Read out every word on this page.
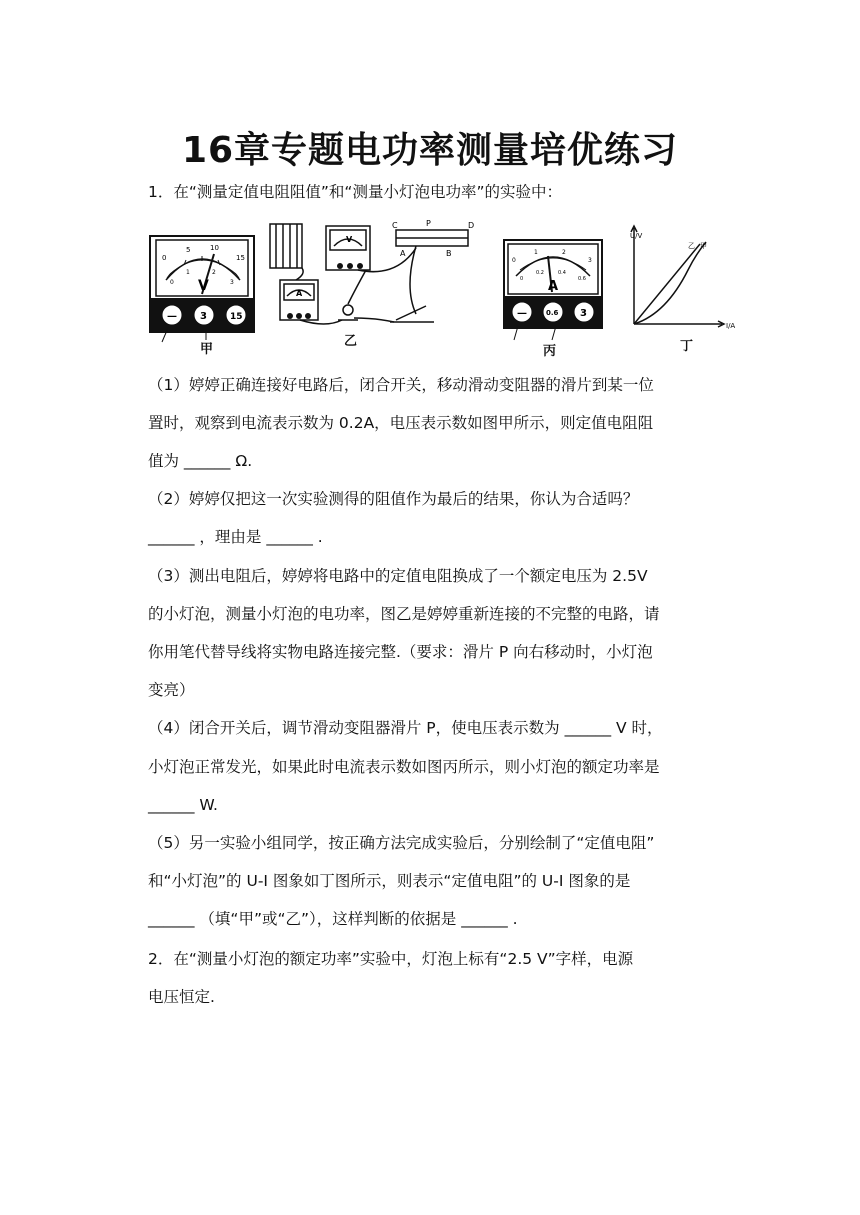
16章专题电功率测量培优练习
1．在“测量定值电阻阻值”和“测量小灯泡电功率”的实验中：
0
5	10
15
0
1	2
3
V
— 3	15
甲
V
A
C	P	D
A	B
乙
0
1	2
3
0
0.2	0.4
0.6
A
—	0.6 3
丙
U/V
I/A
乙 甲
丁
（1）婷婷正确连接好电路后，闭合开关，移动滑动变阻器的滑片到某一位
置时，观察到电流表示数为 0.2A，电压表示数如图甲所示，则定值电阻阻
值为 ______ Ω.
（2）婷婷仅把这一次实验测得的阻值作为最后的结果，你认为合适吗？
______ ，理由是 ______ .
（3）测出电阻后，婷婷将电路中的定值电阻换成了一个额定电压为 2.5V
的小灯泡，测量小灯泡的电功率，图乙是婷婷重新连接的不完整的电路，请
你用笔代替导线将实物电路连接完整.（要求：滑片 P 向右移动时，小灯泡
变亮）
（4）闭合开关后，调节滑动变阻器滑片 P，使电压表示数为 ______ V 时，
小灯泡正常发光，如果此时电流表示数如图丙所示，则小灯泡的额定功率是
______ W.
（5）另一实验小组同学，按正确方法完成实验后，分别绘制了“定值电阻”
和“小灯泡”的 U-I 图象如丁图所示，则表示“定值电阻”的 U-I 图象的是
______ （填“甲”或“乙”），这样判断的依据是 ______ .
2．在“测量小灯泡的额定功率”实验中，灯泡上标有“2.5 V”字样，电源
电压恒定.
